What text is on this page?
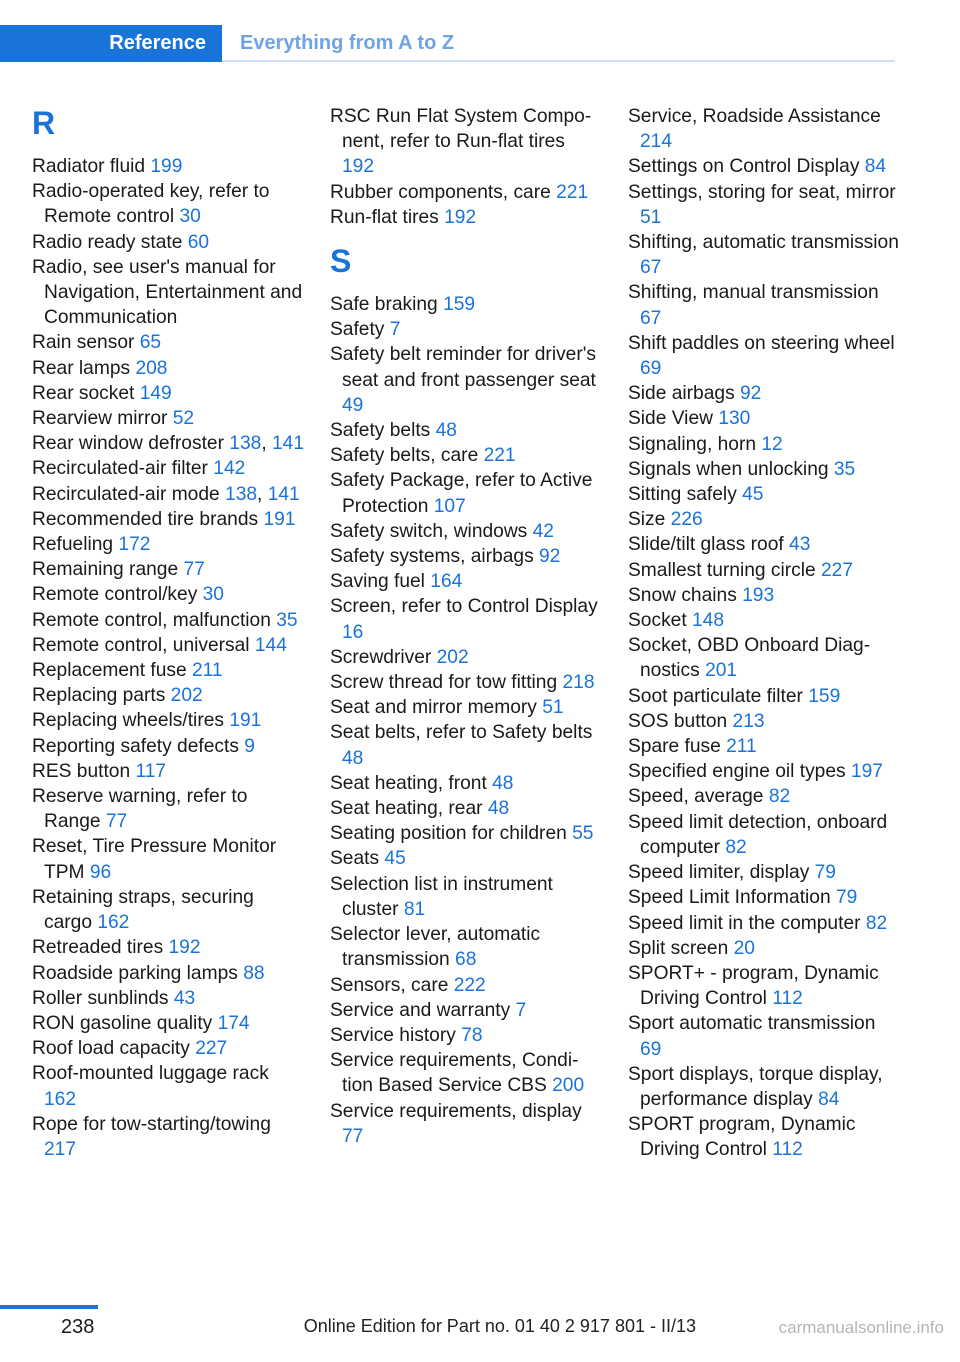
Reference	Everything from A to Z
R
Radiator fluid 199
Radio-operated key, refer to Remote control 30
Radio ready state 60
Radio, see user's manual for Navigation, Entertainment and Communication
Rain sensor 65
Rear lamps 208
Rear socket 149
Rearview mirror 52
Rear window defroster 138, 141
Recirculated-air filter 142
Recirculated-air mode 138, 141
Recommended tire brands 191
Refueling 172
Remaining range 77
Remote control/key 30
Remote control, malfunction 35
Remote control, universal 144
Replacement fuse 211
Replacing parts 202
Replacing wheels/tires 191
Reporting safety defects 9
RES button 117
Reserve warning, refer to Range 77
Reset, Tire Pressure Monitor TPM 96
Retaining straps, securing cargo 162
Retreaded tires 192
Roadside parking lamps 88
Roller sunblinds 43
RON gasoline quality 174
Roof load capacity 227
Roof-mounted luggage rack 162
Rope for tow-starting/towing 217
RSC Run Flat System Component, refer to Run-flat tires 192
Rubber components, care 221
Run-flat tires 192
S
Safe braking 159
Safety 7
Safety belt reminder for driver's seat and front passenger seat 49
Safety belts 48
Safety belts, care 221
Safety Package, refer to Active Protection 107
Safety switch, windows 42
Safety systems, airbags 92
Saving fuel 164
Screen, refer to Control Display 16
Screwdriver 202
Screw thread for tow fitting 218
Seat and mirror memory 51
Seat belts, refer to Safety belts 48
Seat heating, front 48
Seat heating, rear 48
Seating position for children 55
Seats 45
Selection list in instrument cluster 81
Selector lever, automatic transmission 68
Sensors, care 222
Service and warranty 7
Service history 78
Service requirements, Condition Based Service CBS 200
Service requirements, display 77
Service, Roadside Assistance 214
Settings on Control Display 84
Settings, storing for seat, mirror 51
Shifting, automatic transmission 67
Shifting, manual transmission 67
Shift paddles on steering wheel 69
Side airbags 92
Side View 130
Signaling, horn 12
Signals when unlocking 35
Sitting safely 45
Size 226
Slide/tilt glass roof 43
Smallest turning circle 227
Snow chains 193
Socket 148
Socket, OBD Onboard Diagnostics 201
Soot particulate filter 159
SOS button 213
Spare fuse 211
Specified engine oil types 197
Speed, average 82
Speed limit detection, onboard computer 82
Speed limiter, display 79
Speed Limit Information 79
Speed limit in the computer 82
Split screen 20
SPORT+ - program, Dynamic Driving Control 112
Sport automatic transmission 69
Sport displays, torque display, performance display 84
SPORT program, Dynamic Driving Control 112
238	Online Edition for Part no. 01 40 2 917 801 - II/13	carmanualsonline.info
